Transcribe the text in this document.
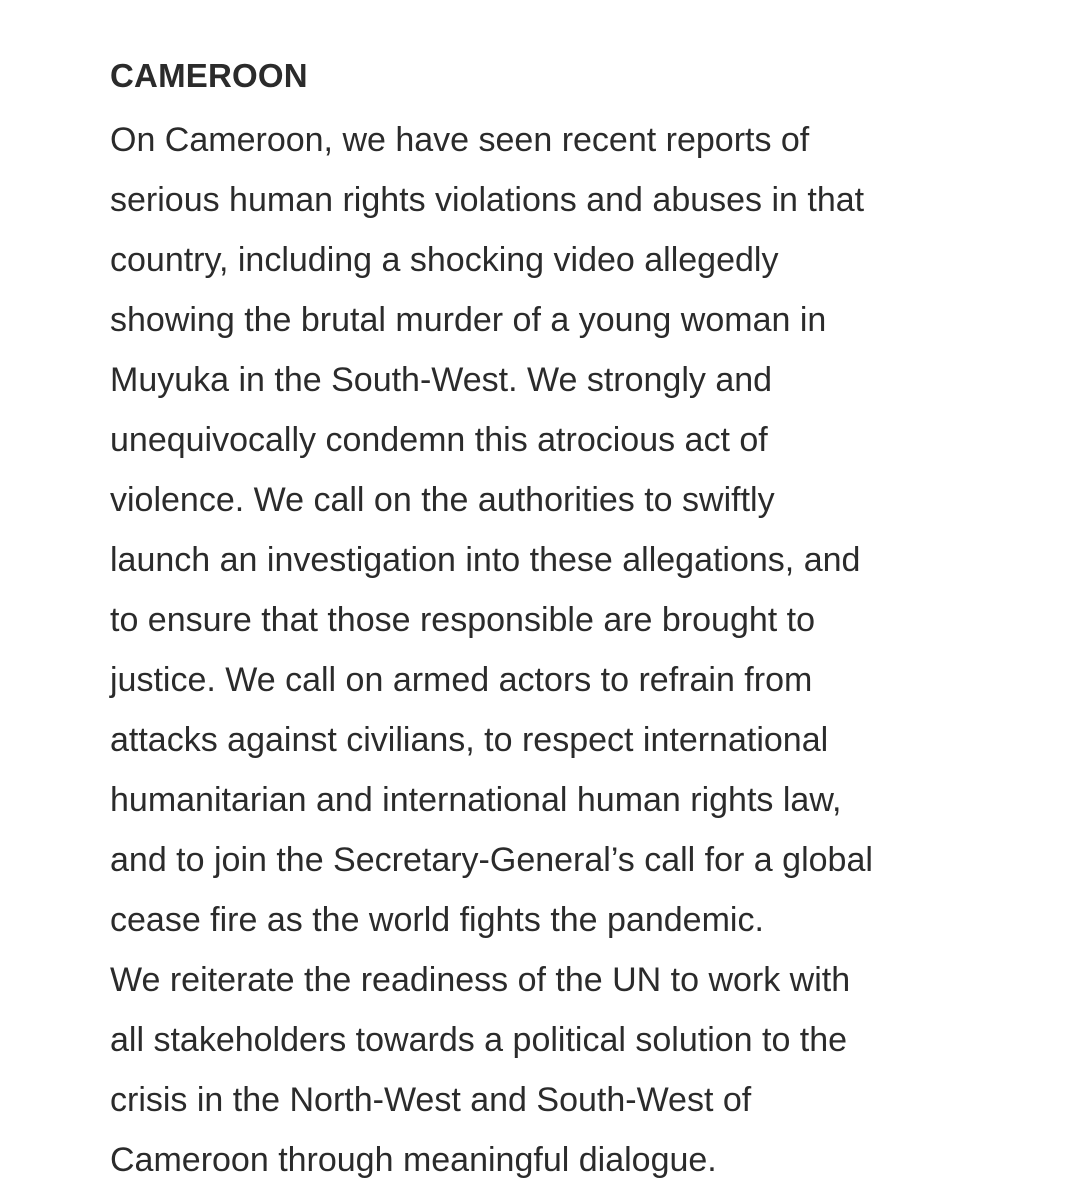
CAMEROON

On Cameroon, we have seen recent reports of

serious human rights violations and abuses in that

country, including a shocking video allegedly

showing the brutal murder of a young woman in

Muyuka in the South-West. We strongly and

unequivocally condemn this atrocious act of

violence. We call on the authorities to swiftly

launch an investigation into these allegations, and

to ensure that those responsible are brought to

justice. We call on armed actors to refrain from

attacks against civilians, to respect international

humanitarian and international human rights law,

and to join the Secretary-General’s call for a global

cease fire as the world fights the pandemic.

We reiterate the readiness of the UN to work with

all stakeholders towards a political solution to the

crisis in the North-West and South-West of

Cameroon through meaningful dialogue.
